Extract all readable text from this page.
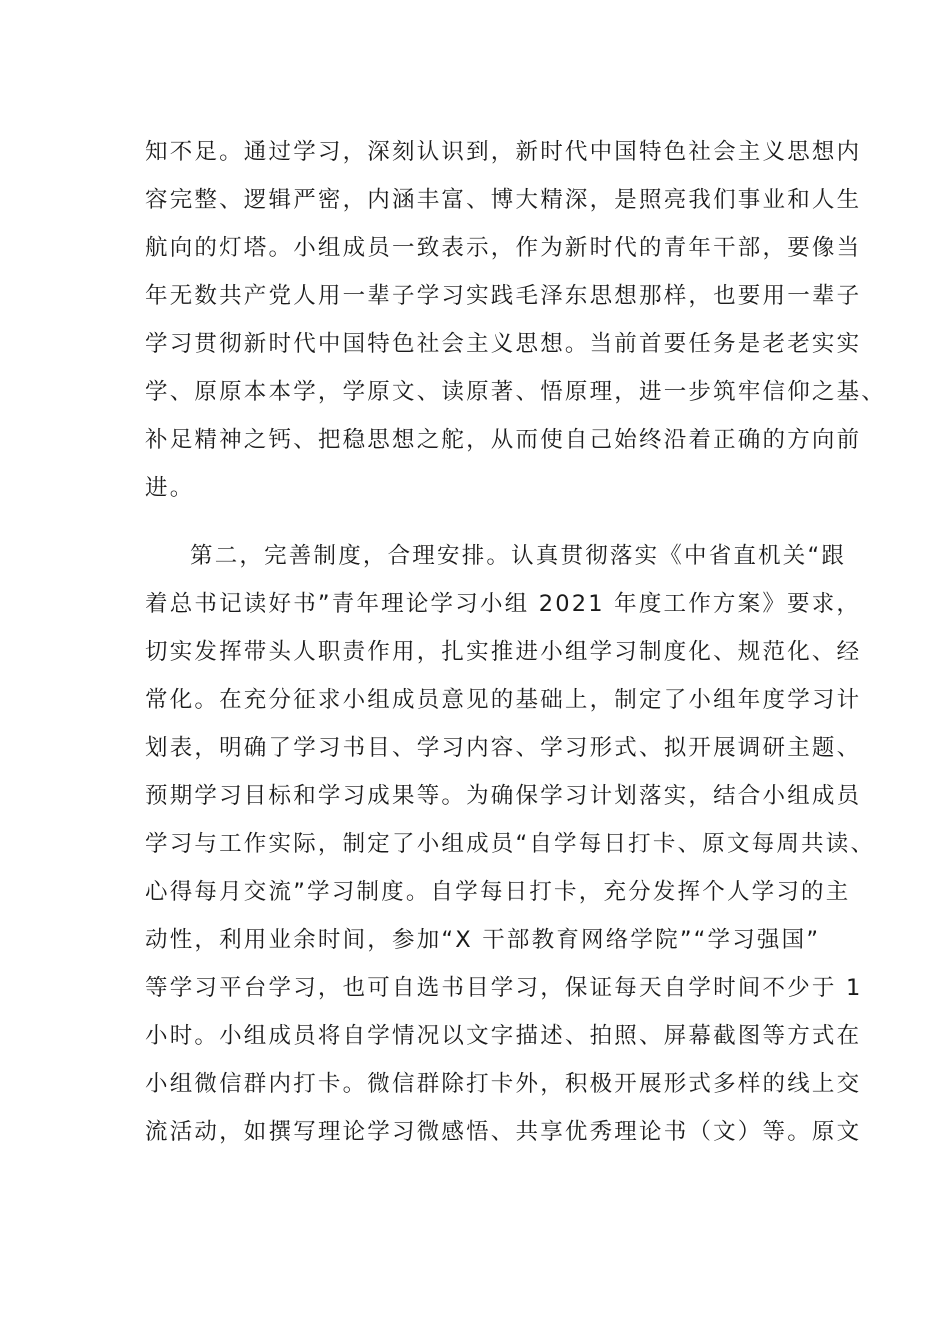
知不足。通过学习，深刻认识到，新时代中国特色社会主义思想内
容完整、逻辑严密，内涵丰富、博大精深，是照亮我们事业和人生
航向的灯塔。小组成员一致表示，作为新时代的青年干部，要像当
年无数共产党人用一辈子学习实践毛泽东思想那样，也要用一辈子
学习贯彻新时代中国特色社会主义思想。当前首要任务是老老实实
学、原原本本学，学原文、读原著、悟原理，进一步筑牢信仰之基、
补足精神之钙、把稳思想之舵，从而使自己始终沿着正确的方向前
进。
第二，完善制度，合理安排。认真贯彻落实《中省直机关“跟
着总书记读好书”青年理论学习小组 2021 年度工作方案》要求，
切实发挥带头人职责作用，扎实推进小组学习制度化、规范化、经
常化。在充分征求小组成员意见的基础上，制定了小组年度学习计
划表，明确了学习书目、学习内容、学习形式、拟开展调研主题、
预期学习目标和学习成果等。为确保学习计划落实，结合小组成员
学习与工作实际，制定了小组成员“自学每日打卡、原文每周共读、
心得每月交流”学习制度。自学每日打卡，充分发挥个人学习的主
动性，利用业余时间，参加“X 干部教育网络学院”“学习强国”
等学习平台学习，也可自选书目学习，保证每天自学时间不少于 1
小时。小组成员将自学情况以文字描述、拍照、屏幕截图等方式在
小组微信群内打卡。微信群除打卡外，积极开展形式多样的线上交
流活动，如撰写理论学习微感悟、共享优秀理论书（文）等。原文
